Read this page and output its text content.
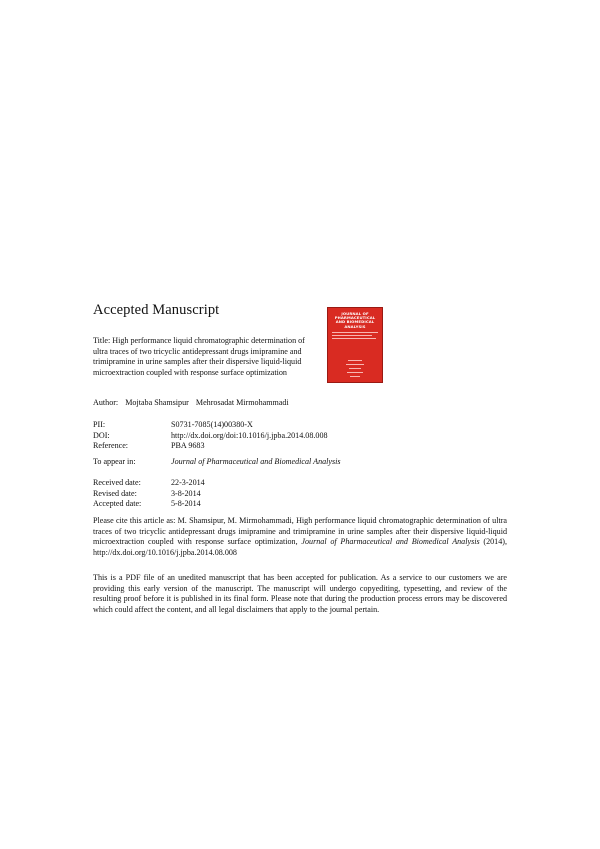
Accepted Manuscript
Title: High performance liquid chromatographic determination of ultra traces of two tricyclic antidepressant drugs imipramine and trimipramine in urine samples after their dispersive liquid-liquid microextraction coupled with response surface optimization
JOURNAL OF PHARMACEUTICAL AND BIOMEDICAL ANALYSIS
Author: Mojtaba Shamsipur Mehrosadat Mirmohammadi
PII:	S0731-7085(14)00380-X
DOI:	http://dx.doi.org/doi:10.1016/j.jpba.2014.08.008
Reference:	PBA 9683
To appear in:	Journal of Pharmaceutical and Biomedical Analysis
Received date:	22-3-2014
Revised date:	3-8-2014
Accepted date:	5-8-2014
Please cite this article as: M. Shamsipur, M. Mirmohammadi, High performance liquid chromatographic determination of ultra traces of two tricyclic antidepressant drugs imipramine and trimipramine in urine samples after their dispersive liquid-liquid microextraction coupled with response surface optimization, Journal of Pharmaceutical and Biomedical Analysis (2014), http://dx.doi.org/10.1016/j.jpba.2014.08.008
This is a PDF file of an unedited manuscript that has been accepted for publication. As a service to our customers we are providing this early version of the manuscript. The manuscript will undergo copyediting, typesetting, and review of the resulting proof before it is published in its final form. Please note that during the production process errors may be discovered which could affect the content, and all legal disclaimers that apply to the journal pertain.
